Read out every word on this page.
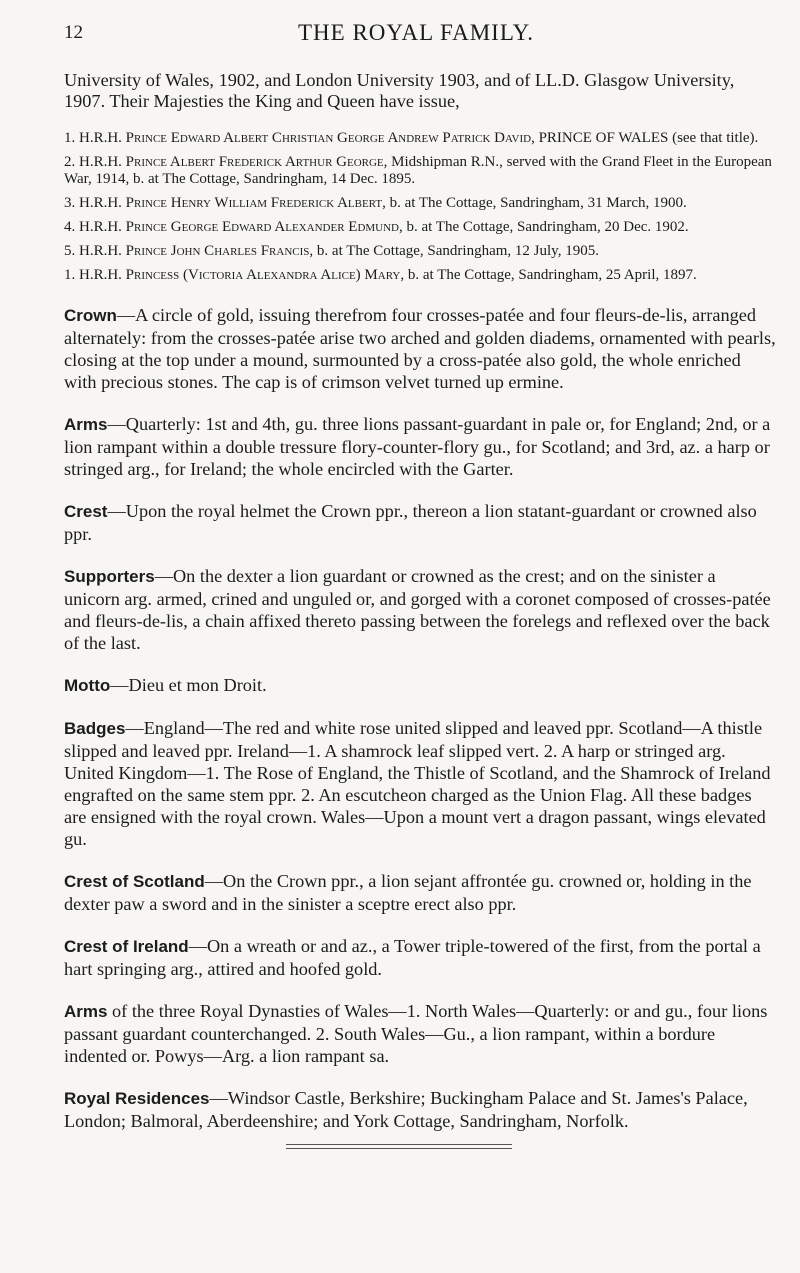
12	THE ROYAL FAMILY.

University of Wales, 1902, and London University 1903, and of LL.D. Glasgow University, 1907. Their Majesties the King and Queen have issue,

1. H.R.H. Prince Edward Albert Christian George Andrew Patrick David, PRINCE OF WALES (see that title).

2. H.R.H. Prince Albert Frederick Arthur George, Midshipman R.N., served with the Grand Fleet in the European War, 1914, b. at The Cottage, Sandringham, 14 Dec. 1895.

3. H.R.H. Prince Henry William Frederick Albert, b. at The Cottage, Sandringham, 31 March, 1900.

4. H.R.H. Prince George Edward Alexander Edmund, b. at The Cottage, Sandringham, 20 Dec. 1902.

5. H.R.H. Prince John Charles Francis, b. at The Cottage, Sandringham, 12 July, 1905.

1. H.R.H. Princess (Victoria Alexandra Alice) Mary, b. at The Cottage, Sandringham, 25 April, 1897.

Crown—A circle of gold, issuing therefrom four crosses-patée and four fleurs-de-lis, arranged alternately: from the crosses-patée arise two arched and golden diadems, ornamented with pearls, closing at the top under a mound, surmounted by a cross-patée also gold, the whole enriched with precious stones. The cap is of crimson velvet turned up ermine.

Arms—Quarterly: 1st and 4th, gu. three lions passant-guardant in pale or, for England; 2nd, or a lion rampant within a double tressure flory-counter-flory gu., for Scotland; and 3rd, az. a harp or stringed arg., for Ireland; the whole encircled with the Garter.

Crest—Upon the royal helmet the Crown ppr., thereon a lion statant-guardant or crowned also ppr.

Supporters—On the dexter a lion guardant or crowned as the crest; and on the sinister a unicorn arg. armed, crined and unguled or, and gorged with a coronet composed of crosses-patée and fleurs-de-lis, a chain affixed thereto passing between the forelegs and reflexed over the back of the last.

Motto—Dieu et mon Droit.

Badges—England—The red and white rose united slipped and leaved ppr. Scotland—A thistle slipped and leaved ppr. Ireland—1. A shamrock leaf slipped vert. 2. A harp or stringed arg. United Kingdom—1. The Rose of England, the Thistle of Scotland, and the Shamrock of Ireland engrafted on the same stem ppr. 2. An escutcheon charged as the Union Flag. All these badges are ensigned with the royal crown. Wales—Upon a mount vert a dragon passant, wings elevated gu.

Crest of Scotland—On the Crown ppr., a lion sejant affrontée gu. crowned or, holding in the dexter paw a sword and in the sinister a sceptre erect also ppr.

Crest of Ireland—On a wreath or and az., a Tower triple-towered of the first, from the portal a hart springing arg., attired and hoofed gold.

Arms of the three Royal Dynasties of Wales—1. North Wales—Quarterly: or and gu., four lions passant guardant counterchanged. 2. South Wales—Gu., a lion rampant, within a bordure indented or. Powys—Arg. a lion rampant sa.

Royal Residences—Windsor Castle, Berkshire; Buckingham Palace and St. James's Palace, London; Balmoral, Aberdeenshire; and York Cottage, Sandringham, Norfolk.
